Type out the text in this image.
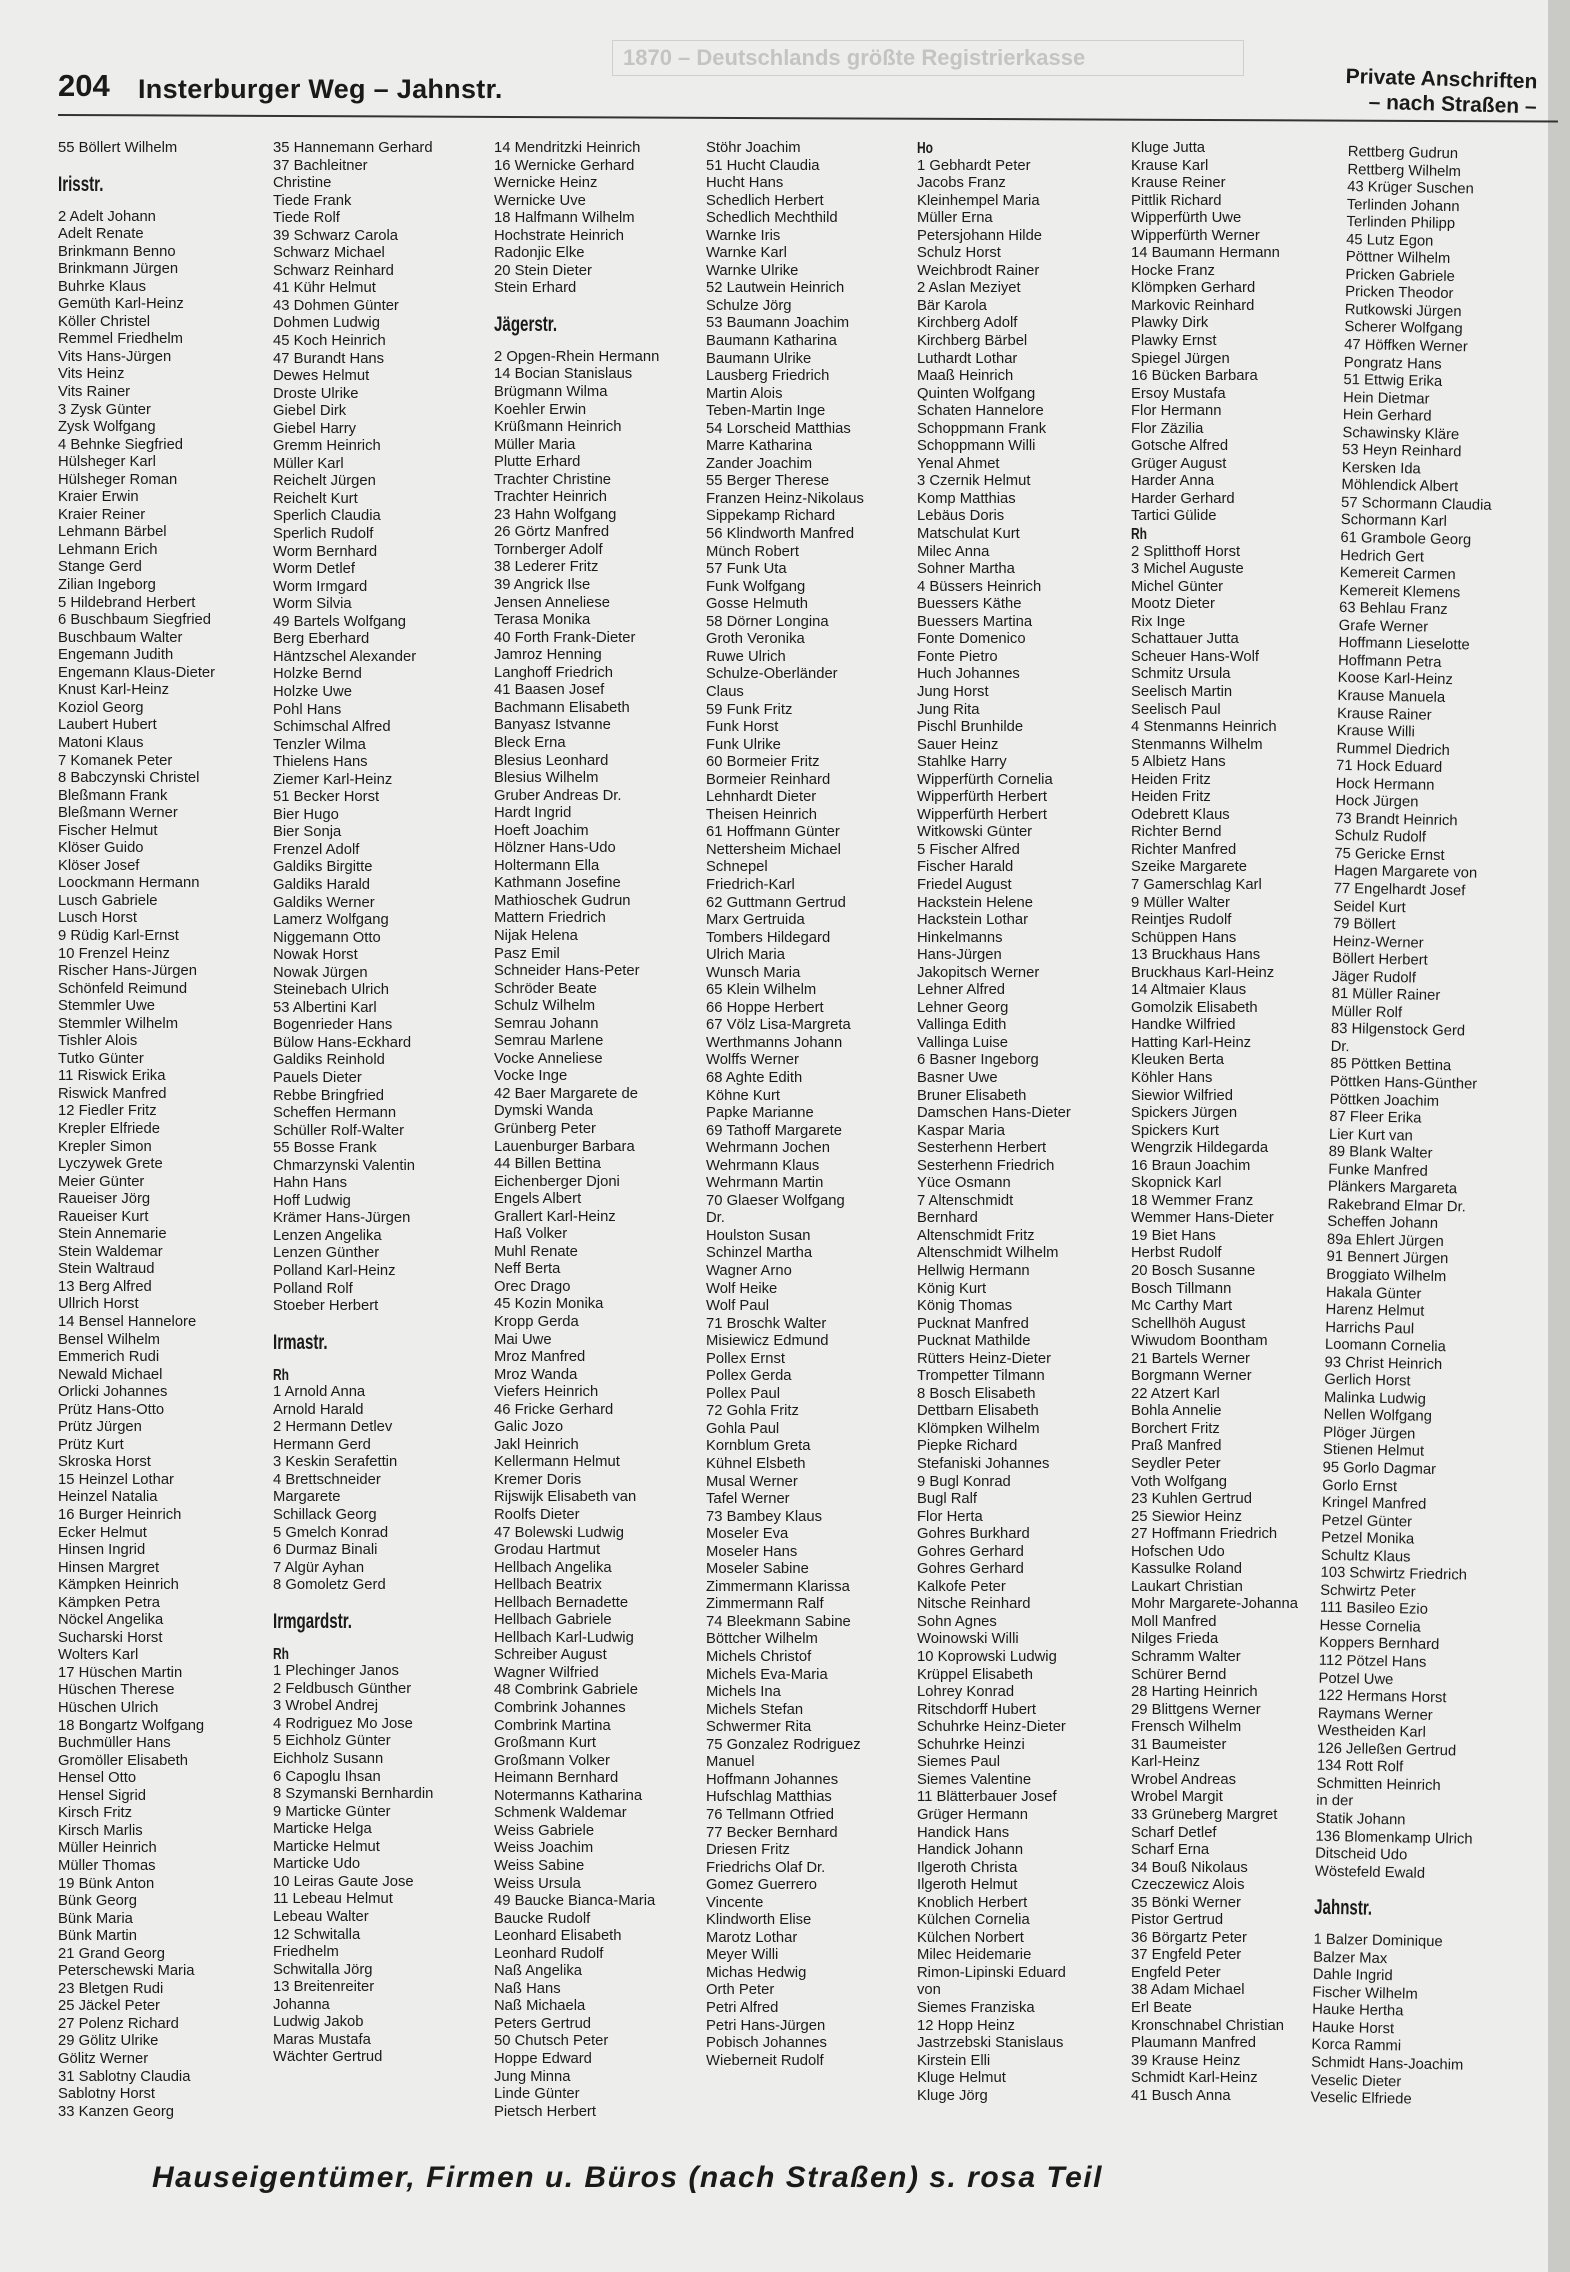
1870 – Deutschlands größte Registrierkasse
204 Insterburger Weg – Jahnstr.	Private Anschriften
– nach Straßen –
55 Böllert Wilhelm
Irisstr.
2 Adelt Johann
Adelt Renate
Brinkmann Benno
Brinkmann Jürgen
Buhrke Klaus
Gemüth Karl-Heinz
Köller Christel
Remmel Friedhelm
Vits Hans-Jürgen
Vits Heinz
Vits Rainer
3 Zysk Günter
Zysk Wolfgang
4 Behnke Siegfried
Hülsheger Karl
Hülsheger Roman
Kraier Erwin
Kraier Reiner
Lehmann Bärbel
Lehmann Erich
Stange Gerd
Zilian Ingeborg
5 Hildebrand Herbert
6 Buschbaum Siegfried
Buschbaum Walter
Engemann Judith
Engemann Klaus-Dieter
Knust Karl-Heinz
Koziol Georg
Laubert Hubert
Matoni Klaus
7 Komanek Peter
8 Babczynski Christel
Bleßmann Frank
Bleßmann Werner
Fischer Helmut
Klöser Guido
Klöser Josef
Loockmann Hermann
Lusch Gabriele
Lusch Horst
9 Rüdig Karl-Ernst
10 Frenzel Heinz
Rischer Hans-Jürgen
Schönfeld Reimund
Stemmler Uwe
Stemmler Wilhelm
Tishler Alois
Tutko Günter
11 Riswick Erika
Riswick Manfred
12 Fiedler Fritz
Krepler Elfriede
Krepler Simon
Lyczywek Grete
Meier Günter
Raueiser Jörg
Raueiser Kurt
Stein Annemarie
Stein Waldemar
Stein Waltraud
13 Berg Alfred
Ullrich Horst
14 Bensel Hannelore
Bensel Wilhelm
Emmerich Rudi
Newald Michael
Orlicki Johannes
Prütz Hans-Otto
Prütz Jürgen
Prütz Kurt
Skroska Horst
15 Heinzel Lothar
Heinzel Natalia
16 Burger Heinrich
Ecker Helmut
Hinsen Ingrid
Hinsen Margret
Kämpken Heinrich
Kämpken Petra
Nöckel Angelika
Sucharski Horst
Wolters Karl
17 Hüschen Martin
Hüschen Therese
Hüschen Ulrich
18 Bongartz Wolfgang
Buchmüller Hans
Gromöller Elisabeth
Hensel Otto
Hensel Sigrid
Kirsch Fritz
Kirsch Marlis
Müller Heinrich
Müller Thomas
19 Bünk Anton
Bünk Georg
Bünk Maria
Bünk Martin
21 Grand Georg
Peterschewski Maria
23 Bletgen Rudi
25 Jäckel Peter
27 Polenz Richard
29 Gölitz Ulrike
Gölitz Werner
31 Sablotny Claudia
Sablotny Horst
33 Kanzen Georg
35 Hannemann Gerhard
37 Bachleitner
Christine
Tiede Frank
Tiede Rolf
39 Schwarz Carola
Schwarz Michael
Schwarz Reinhard
41 Kühr Helmut
43 Dohmen Günter
Dohmen Ludwig
45 Koch Heinrich
47 Burandt Hans
Dewes Helmut
Droste Ulrike
Giebel Dirk
Giebel Harry
Gremm Heinrich
Müller Karl
Reichelt Jürgen
Reichelt Kurt
Sperlich Claudia
Sperlich Rudolf
Worm Bernhard
Worm Detlef
Worm Irmgard
Worm Silvia
49 Bartels Wolfgang
Berg Eberhard
Häntzschel Alexander
Holzke Bernd
Holzke Uwe
Pohl Hans
Schimschal Alfred
Tenzler Wilma
Thielens Hans
Ziemer Karl-Heinz
51 Becker Horst
Bier Hugo
Bier Sonja
Frenzel Adolf
Galdiks Birgitte
Galdiks Harald
Galdiks Werner
Lamerz Wolfgang
Niggemann Otto
Nowak Horst
Nowak Jürgen
Steinebach Ulrich
53 Albertini Karl
Bogenrieder Hans
Bülow Hans-Eckhard
Galdiks Reinhold
Pauels Dieter
Rebbe Bringfried
Scheffen Hermann
Schüller Rolf-Walter
55 Bosse Frank
Chmarzynski Valentin
Hahn Hans
Hoff Ludwig
Krämer Hans-Jürgen
Lenzen Angelika
Lenzen Günther
Polland Karl-Heinz
Polland Rolf
Stoeber Herbert
Irmastr.
Rh
1 Arnold Anna
Arnold Harald
2 Hermann Detlev
Hermann Gerd
3 Keskin Serafettin
4 Brettschneider
Margarete
Schillack Georg
5 Gmelch Konrad
6 Durmaz Binali
7 Algür Ayhan
8 Gomoletz Gerd
Irmgardstr.
Rh
1 Plechinger Janos
2 Feldbusch Günther
3 Wrobel Andrej
4 Rodriguez Mo Jose
5 Eichholz Günter
Eichholz Susann
6 Capoglu Ihsan
8 Szymanski Bernhardin
9 Marticke Günter
Marticke Helga
Marticke Helmut
Marticke Udo
10 Leiras Gaute Jose
11 Lebeau Helmut
Lebeau Walter
12 Schwitalla
Friedhelm
Schwitalla Jörg
13 Breitenreiter
Johanna
Ludwig Jakob
Maras Mustafa
Wächter Gertrud
14 Mendritzki Heinrich
16 Wernicke Gerhard
Wernicke Heinz
Wernicke Uve
18 Halfmann Wilhelm
Hochstrate Heinrich
Radonjic Elke
20 Stein Dieter
Stein Erhard
Jägerstr.
2 Opgen-Rhein Hermann
14 Bocian Stanislaus
Brügmann Wilma
Koehler Erwin
Krüßmann Heinrich
Müller Maria
Plutte Erhard
Trachter Christine
Trachter Heinrich
23 Hahn Wolfgang
26 Görtz Manfred
Tornberger Adolf
38 Lederer Fritz
39 Angrick Ilse
Jensen Anneliese
Terasa Monika
40 Forth Frank-Dieter
Jamroz Henning
Langhoff Friedrich
41 Baasen Josef
Bachmann Elisabeth
Banyasz Istvanne
Bleck Erna
Blesius Leonhard
Blesius Wilhelm
Gruber Andreas Dr.
Hardt Ingrid
Hoeft Joachim
Hölzner Hans-Udo
Holtermann Ella
Kathmann Josefine
Mathioschek Gudrun
Mattern Friedrich
Nijak Helena
Pasz Emil
Schneider Hans-Peter
Schröder Beate
Schulz Wilhelm
Semrau Johann
Semrau Marlene
Vocke Anneliese
Vocke Inge
42 Baer Margarete de
Dymski Wanda
Grünberg Peter
Lauenburger Barbara
44 Billen Bettina
Eichenberger Djoni
Engels Albert
Grallert Karl-Heinz
Haß Volker
Muhl Renate
Neff Berta
Orec Drago
45 Kozin Monika
Kropp Gerda
Mai Uwe
Mroz Manfred
Mroz Wanda
Viefers Heinrich
46 Fricke Gerhard
Galic Jozo
Jakl Heinrich
Kellermann Helmut
Kremer Doris
Rijswijk Elisabeth van
Roolfs Dieter
47 Bolewski Ludwig
Grodau Hartmut
Hellbach Angelika
Hellbach Beatrix
Hellbach Bernadette
Hellbach Gabriele
Hellbach Karl-Ludwig
Schreiber August
Wagner Wilfried
48 Combrink Gabriele
Combrink Johannes
Combrink Martina
Großmann Kurt
Großmann Volker
Heimann Bernhard
Notermanns Katharina
Schmenk Waldemar
Weiss Gabriele
Weiss Joachim
Weiss Sabine
Weiss Ursula
49 Baucke Bianca-Maria
Baucke Rudolf
Leonhard Elisabeth
Leonhard Rudolf
Naß Angelika
Naß Hans
Naß Michaela
Peters Gertrud
50 Chutsch Peter
Hoppe Edward
Jung Minna
Linde Günter
Pietsch Herbert
Stöhr Joachim
51 Hucht Claudia
Hucht Hans
Schedlich Herbert
Schedlich Mechthild
Warnke Iris
Warnke Karl
Warnke Ulrike
52 Lautwein Heinrich
Schulze Jörg
53 Baumann Joachim
Baumann Katharina
Baumann Ulrike
Lausberg Friedrich
Martin Alois
Teben-Martin Inge
54 Lorscheid Matthias
Marre Katharina
Zander Joachim
55 Berger Therese
Franzen Heinz-Nikolaus
Sippekamp Richard
56 Klindworth Manfred
Münch Robert
57 Funk Uta
Funk Wolfgang
Gosse Helmuth
58 Dörner Longina
Groth Veronika
Ruwe Ulrich
Schulze-Oberländer
Claus
59 Funk Fritz
Funk Horst
Funk Ulrike
60 Bormeier Fritz
Bormeier Reinhard
Lehnhardt Dieter
Theisen Heinrich
61 Hoffmann Günter
Nettersheim Michael
Schnepel
Friedrich-Karl
62 Guttmann Gertrud
Marx Gertruida
Tombers Hildegard
Ulrich Maria
Wunsch Maria
65 Klein Wilhelm
66 Hoppe Herbert
67 Völz Lisa-Margreta
Werthmanns Johann
Wolffs Werner
68 Aghte Edith
Köhne Kurt
Papke Marianne
69 Tathoff Margarete
Wehrmann Jochen
Wehrmann Klaus
Wehrmann Martin
70 Glaeser Wolfgang
Dr.
Houlston Susan
Schinzel Martha
Wagner Arno
Wolf Heike
Wolf Paul
71 Broschk Walter
Misiewicz Edmund
Pollex Ernst
Pollex Gerda
Pollex Paul
72 Gohla Fritz
Gohla Paul
Kornblum Greta
Kühnel Elsbeth
Musal Werner
Tafel Werner
73 Bambey Klaus
Moseler Eva
Moseler Hans
Moseler Sabine
Zimmermann Klarissa
Zimmermann Ralf
74 Bleekmann Sabine
Böttcher Wilhelm
Michels Christof
Michels Eva-Maria
Michels Ina
Michels Stefan
Schwermer Rita
75 Gonzalez Rodriguez
Manuel
Hoffmann Johannes
Hufschlag Matthias
76 Tellmann Otfried
77 Becker Bernhard
Driesen Fritz
Friedrichs Olaf Dr.
Gomez Guerrero
Vincente
Klindworth Elise
Marotz Lothar
Meyer Willi
Michas Hedwig
Orth Peter
Petri Alfred
Petri Hans-Jürgen
Pobisch Johannes
Wieberneit Rudolf
Ho
1 Gebhardt Peter
Jacobs Franz
Kleinhempel Maria
Müller Erna
Petersjohann Hilde
Schulz Horst
Weichbrodt Rainer
2 Aslan Meziyet
Bär Karola
Kirchberg Adolf
Kirchberg Bärbel
Luthardt Lothar
Maaß Heinrich
Quinten Wolfgang
Schaten Hannelore
Schoppmann Frank
Schoppmann Willi
Yenal Ahmet
3 Czernik Helmut
Komp Matthias
Lebäus Doris
Matschulat Kurt
Milec Anna
Sohner Martha
4 Büssers Heinrich
Buessers Käthe
Buessers Martina
Fonte Domenico
Fonte Pietro
Huch Johannes
Jung Horst
Jung Rita
Pischl Brunhilde
Sauer Heinz
Stahlke Harry
Wipperfürth Cornelia
Wipperfürth Herbert
Wipperfürth Herbert
Witkowski Günter
5 Fischer Alfred
Fischer Harald
Friedel August
Hackstein Helene
Hackstein Lothar
Hinkelmanns
Hans-Jürgen
Jakopitsch Werner
Lehner Alfred
Lehner Georg
Vallinga Edith
Vallinga Luise
6 Basner Ingeborg
Basner Uwe
Bruner Elisabeth
Damschen Hans-Dieter
Kaspar Maria
Sesterhenn Herbert
Sesterhenn Friedrich
Yüce Osmann
7 Altenschmidt
Bernhard
Altenschmidt Fritz
Altenschmidt Wilhelm
Hellwig Hermann
König Kurt
König Thomas
Pucknat Manfred
Pucknat Mathilde
Rütters Heinz-Dieter
Trompetter Tilmann
8 Bosch Elisabeth
Dettbarn Elisabeth
Klömpken Wilhelm
Piepke Richard
Stefaniski Johannes
9 Bugl Konrad
Bugl Ralf
Flor Herta
Gohres Burkhard
Gohres Gerhard
Gohres Gerhard
Kalkofe Peter
Nitsche Reinhard
Sohn Agnes
Woinowski Willi
10 Koprowski Ludwig
Krüppel Elisabeth
Lohrey Konrad
Ritschdorff Hubert
Schuhrke Heinz-Dieter
Schuhrke Heinzi
Siemes Paul
Siemes Valentine
11 Blätterbauer Josef
Grüger Hermann
Handick Hans
Handick Johann
Ilgeroth Christa
Ilgeroth Helmut
Knoblich Herbert
Külchen Cornelia
Külchen Norbert
Milec Heidemarie
Rimon-Lipinski Eduard
von
Siemes Franziska
12 Hopp Heinz
Jastrzebski Stanislaus
Kirstein Elli
Kluge Helmut
Kluge Jörg
Kluge Jutta
Krause Karl
Krause Reiner
Pittlik Richard
Wipperfürth Uwe
Wipperfürth Werner
14 Baumann Hermann
Hocke Franz
Klömpken Gerhard
Markovic Reinhard
Plawky Dirk
Plawky Ernst
Spiegel Jürgen
16 Bücken Barbara
Ersoy Mustafa
Flor Hermann
Flor Zäzilia
Gotsche Alfred
Grüger August
Harder Anna
Harder Gerhard
Tartici Gülide
Rh
2 Splitthoff Horst
3 Michel Auguste
Michel Günter
Mootz Dieter
Rix Inge
Schattauer Jutta
Scheuer Hans-Wolf
Schmitz Ursula
Seelisch Martin
Seelisch Paul
4 Stenmanns Heinrich
Stenmanns Wilhelm
5 Albietz Hans
Heiden Fritz
Heiden Fritz
Odebrett Klaus
Richter Bernd
Richter Manfred
Szeike Margarete
7 Gamerschlag Karl
9 Müller Walter
Reintjes Rudolf
Schüppen Hans
13 Bruckhaus Hans
Bruckhaus Karl-Heinz
14 Altmaier Klaus
Gomolzik Elisabeth
Handke Wilfried
Hatting Karl-Heinz
Kleuken Berta
Köhler Hans
Siewior Wilfried
Spickers Jürgen
Spickers Kurt
Wengrzik Hildegarda
16 Braun Joachim
Skopnick Karl
18 Wemmer Franz
Wemmer Hans-Dieter
19 Biet Hans
Herbst Rudolf
20 Bosch Susanne
Bosch Tillmann
Mc Carthy Mart
Schellhöh August
Wiwudom Boontham
21 Bartels Werner
Borgmann Werner
22 Atzert Karl
Bohla Annelie
Borchert Fritz
Praß Manfred
Seydler Peter
Voth Wolfgang
23 Kuhlen Gertrud
25 Siewior Heinz
27 Hoffmann Friedrich
Hofschen Udo
Kassulke Roland
Laukart Christian
Mohr Margarete-Johanna
Moll Manfred
Nilges Frieda
Schramm Walter
Schürer Bernd
28 Harting Heinrich
29 Blittgens Werner
Frensch Wilhelm
31 Baumeister
Karl-Heinz
Wrobel Andreas
Wrobel Margit
33 Grüneberg Margret
Scharf Detlef
Scharf Erna
34 Bouß Nikolaus
Czeczewicz Alois
35 Bönki Werner
Pistor Gertrud
36 Börgartz Peter
37 Engfeld Peter
Engfeld Peter
38 Adam Michael
Erl Beate
Kronschnabel Christian
Plaumann Manfred
39 Krause Heinz
Schmidt Karl-Heinz
41 Busch Anna
Rettberg Gudrun
Rettberg Wilhelm
43 Krüger Suschen
Terlinden Johann
Terlinden Philipp
45 Lutz Egon
Pöttner Wilhelm
Pricken Gabriele
Pricken Theodor
Rutkowski Jürgen
Scherer Wolfgang
47 Höffken Werner
Pongratz Hans
51 Ettwig Erika
Hein Dietmar
Hein Gerhard
Schawinsky Kläre
53 Heyn Reinhard
Kersken Ida
Möhlendick Albert
57 Schormann Claudia
Schormann Karl
61 Grambole Georg
Hedrich Gert
Kemereit Carmen
Kemereit Klemens
63 Behlau Franz
Grafe Werner
Hoffmann Lieselotte
Hoffmann Petra
Koose Karl-Heinz
Krause Manuela
Krause Rainer
Krause Willi
Rummel Diedrich
71 Hock Eduard
Hock Hermann
Hock Jürgen
73 Brandt Heinrich
Schulz Rudolf
75 Gericke Ernst
Hagen Margarete von
77 Engelhardt Josef
Seidel Kurt
79 Böllert
Heinz-Werner
Böllert Herbert
Jäger Rudolf
81 Müller Rainer
Müller Rolf
83 Hilgenstock Gerd
Dr.
85 Pöttken Bettina
Pöttken Hans-Günther
Pöttken Joachim
87 Fleer Erika
Lier Kurt van
89 Blank Walter
Funke Manfred
Plänkers Margareta
Rakebrand Elmar Dr.
Scheffen Johann
89a Ehlert Jürgen
91 Bennert Jürgen
Broggiato Wilhelm
Hakala Günter
Harenz Helmut
Harrichs Paul
Loomann Cornelia
93 Christ Heinrich
Gerlich Horst
Malinka Ludwig
Nellen Wolfgang
Plöger Jürgen
Stienen Helmut
95 Gorlo Dagmar
Gorlo Ernst
Kringel Manfred
Petzel Günter
Petzel Monika
Schultz Klaus
103 Schwirtz Friedrich
Schwirtz Peter
111 Basileo Ezio
Hesse Cornelia
Koppers Bernhard
112 Pötzel Hans
Potzel Uwe
122 Hermans Horst
Raymans Werner
Westheiden Karl
126 Jelleßen Gertrud
134 Rott Rolf
Schmitten Heinrich
in der
Statik Johann
136 Blomenkamp Ulrich
Ditscheid Udo
Wöstefeld Ewald
Jahnstr.
1 Balzer Dominique
Balzer Max
Dahle Ingrid
Fischer Wilhelm
Hauke Hertha
Hauke Horst
Korca Rammi
Schmidt Hans-Joachim
Veselic Dieter
Veselic Elfriede
Hauseigentümer, Firmen u. Büros (nach Straßen) s. rosa Teil
